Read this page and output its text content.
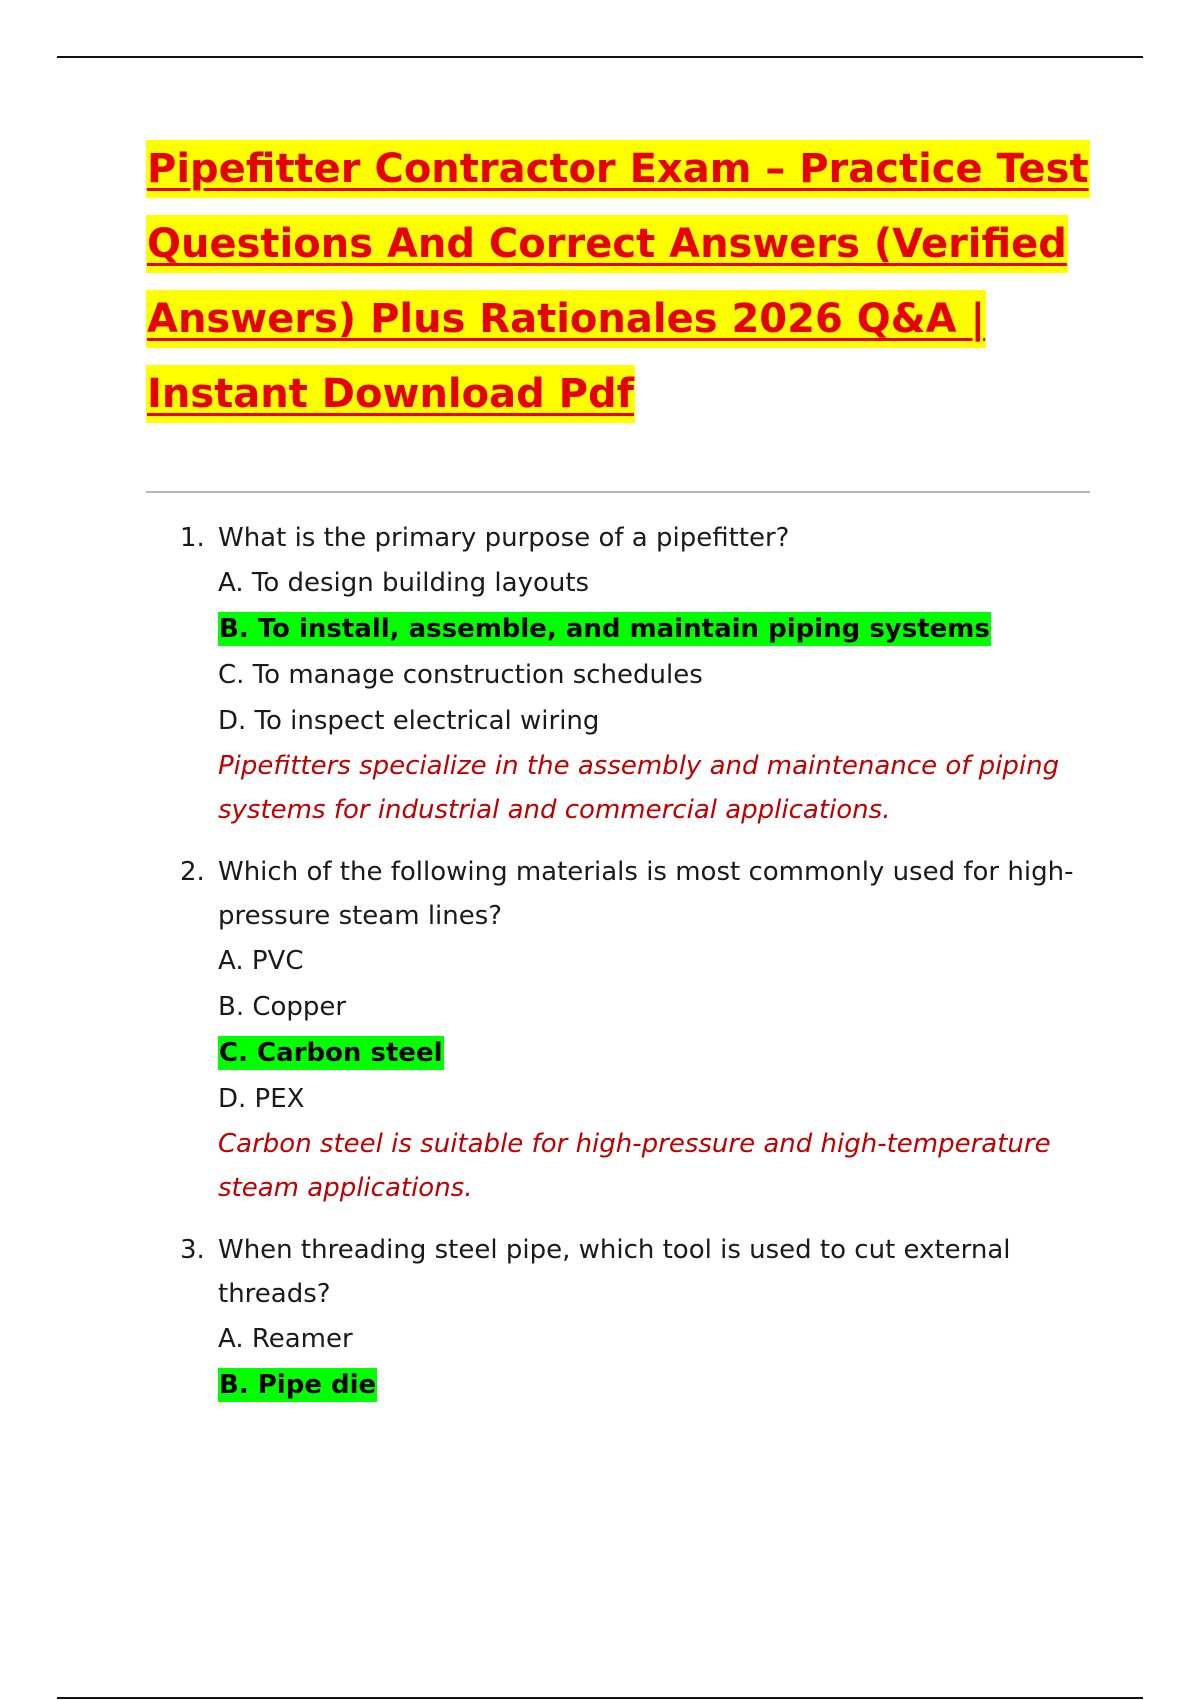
Pipefitter Contractor Exam – Practice Test
Questions And Correct Answers (Verified
Answers) Plus Rationales 2026 Q&A |
Instant Download Pdf
1. What is the primary purpose of a pipefitter?
A. To design building layouts
B. To install, assemble, and maintain piping systems
C. To manage construction schedules
D. To inspect electrical wiring
Pipefitters specialize in the assembly and maintenance of piping systems for industrial and commercial applications.
2. Which of the following materials is most commonly used for high-pressure steam lines?
A. PVC
B. Copper
C. Carbon steel
D. PEX
Carbon steel is suitable for high-pressure and high-temperature steam applications.
3. When threading steel pipe, which tool is used to cut external threads?
A. Reamer
B. Pipe die
